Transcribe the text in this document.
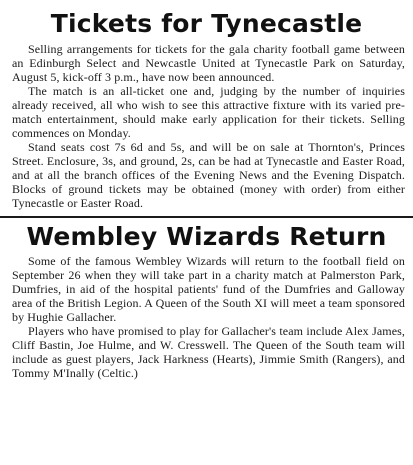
Tickets for Tynecastle

Selling arrangements for tickets for the gala charity football game between an Edinburgh Select and Newcastle United at Tynecastle Park on Saturday, August 5, kick-off 3 p.m., have now been announced.

The match is an all-ticket one and, judging by the number of inquiries already received, all who wish to see this attractive fixture with its varied pre-match entertainment, should make early application for their tickets. Selling commences on Monday.

Stand seats cost 7s 6d and 5s, and will be on sale at Thornton's, Princes Street. Enclosure, 3s, and ground, 2s, can be had at Tynecastle and Easter Road, and at all the branch offices of the Evening News and the Evening Dispatch. Blocks of ground tickets may be obtained (money with order) from either Tynecastle or Easter Road.

Wembley Wizards Return

Some of the famous Wembley Wizards will return to the football field on September 26 when they will take part in a charity match at Palmerston Park, Dumfries, in aid of the hospital patients' fund of the Dumfries and Galloway area of the British Legion. A Queen of the South XI will meet a team sponsored by Hughie Gallacher.

Players who have promised to play for Gallacher's team include Alex James, Cliff Bastin, Joe Hulme, and W. Cresswell. The Queen of the South team will include as guest players, Jack Harkness (Hearts), Jimmie Smith (Rangers), and Tommy M'Inally (Celtic.)
